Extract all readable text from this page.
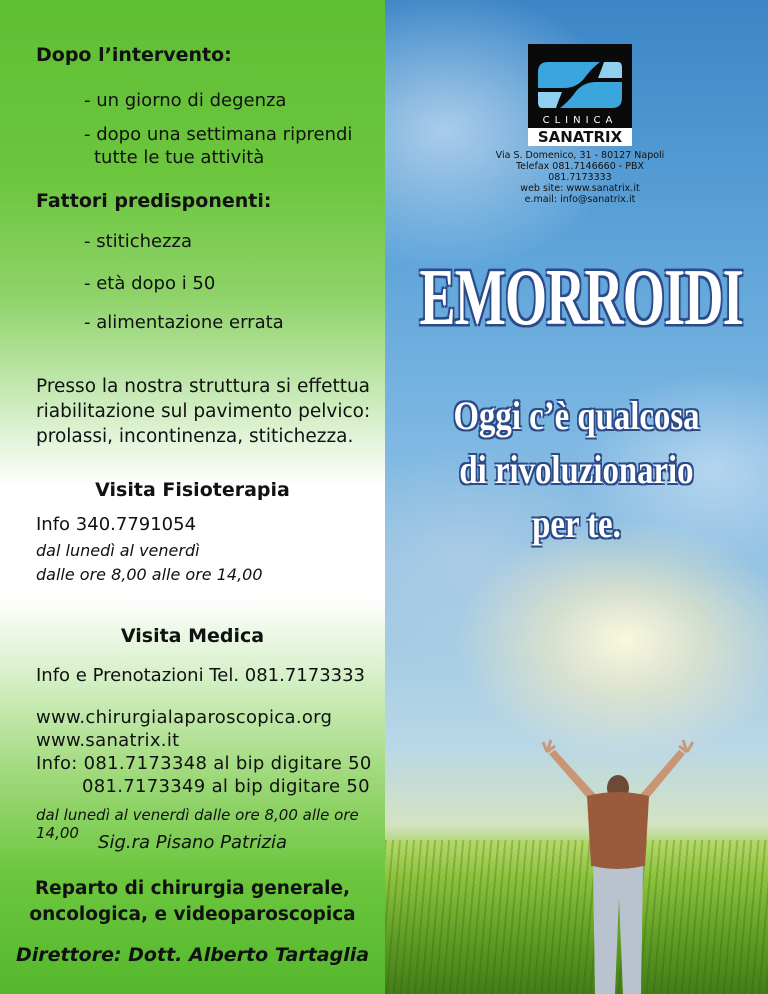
Dopo l’intervento:
- un giorno di degenza
- dopo una settimana riprendi
tutte le tue attività
Fattori predisponenti:
- stitichezza
- età dopo i 50
- alimentazione errata
Presso la nostra struttura si effettua
riabilitazione sul pavimento pelvico:
prolassi, incontinenza, stitichezza.
Visita Fisioterapia
Info 340.7791054
dal lunedì al venerdì
dalle ore 8,00 alle ore 14,00
Visita Medica
Info e Prenotazioni Tel. 081.7173333
www.chirurgialaparoscopica.org
www.sanatrix.it
Info: 081.7173348 al bip digitare 50
081.7173349 al bip digitare 50
dal lunedì al venerdì dalle ore 8,00 alle ore 14,00	Sig.ra Pisano Patrizia
Reparto di chirurgia generale,
oncologica, e videoparoscopica
Direttore: Dott. Alberto Tartaglia
CLINICA
SANATRIX
Via S. Domenico, 31 - 80127 Napoli
Telefax 081.7146660 - PBX 081.7173333
web site: www.sanatrix.it
e.mail: info@sanatrix.it
EMORROIDI
Oggi c’è qualcosa
di rivoluzionario
per te.
